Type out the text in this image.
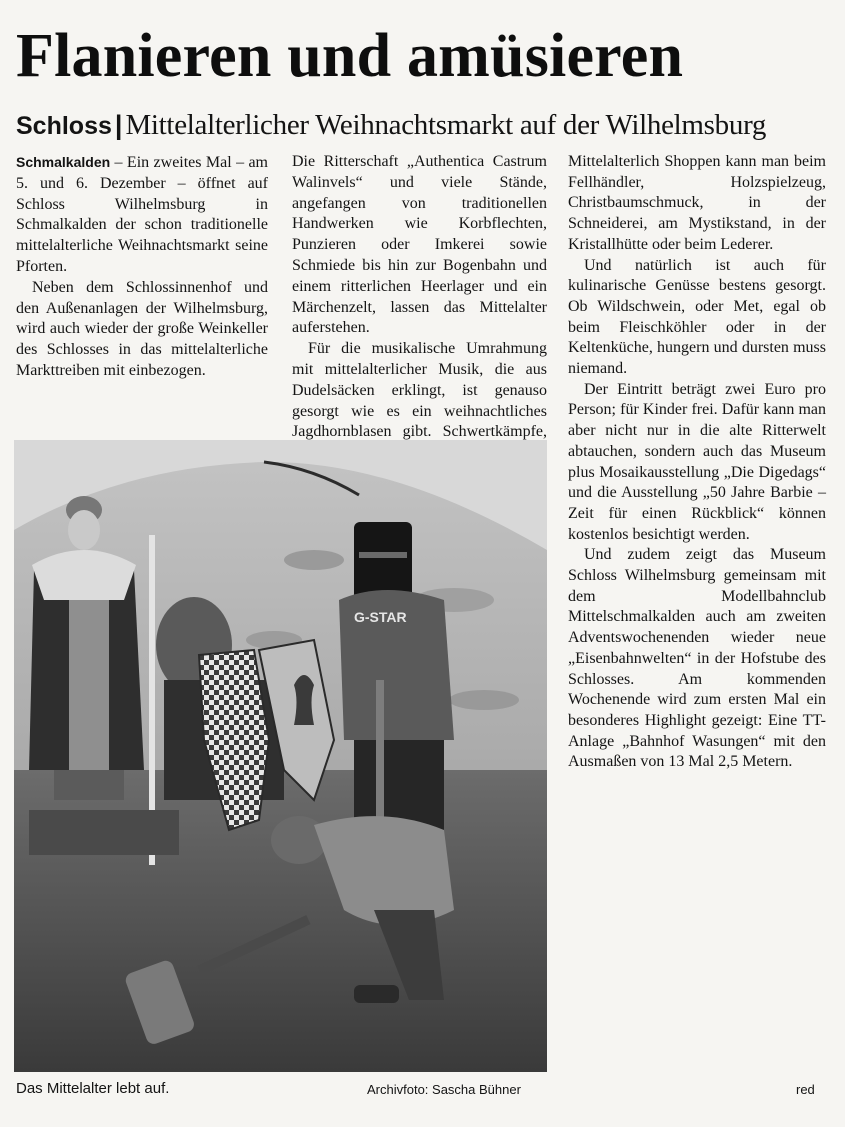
Flanieren und amüsieren
Schloss | Mittelalterlicher Weihnachtsmarkt auf der Wilhelmsburg

Schmalkalden – Ein zweites Mal – am 5. und 6. Dezember – öffnet auf Schloss Wilhelmsburg in Schmalkalden der schon traditionelle mittelalterliche Weihnachtsmarkt seine Pforten.

Neben dem Schlossinnenhof und den Außenanlagen der Wilhelmsburg, wird auch wieder der große Weinkeller des Schlosses in das mittelalterliche Markttreiben mit einbezogen.

Die Ritterschaft „Authentica Castrum Walinvels“ und viele Stände, angefangen von traditionellen Handwerken wie Korbflechten, Punzieren oder Imkerei sowie Schmiede bis hin zur Bogenbahn und einem ritterlichen Heerlager und ein Märchenzelt, lassen das Mittelalter auferstehen.

Für die musikalische Umrahmung mit mittelalterlicher Musik, die aus Dudelsäcken erklingt, ist genauso gesorgt wie es ein weihnachtliches Jagdhornblasen gibt. Schwertkämpfe,

Mittelalterlich Shoppen kann man beim Fellhändler, Holzspielzeug, Christbaumschmuck, in der Schneiderei, am Mystikstand, in der Kristallhütte oder beim Lederer.

Und natürlich ist auch für kulinarische Genüsse bestens gesorgt. Ob Wildschwein, oder Met, egal ob beim Fleischköhler oder in der Keltenküche, hungern und dursten muss niemand.

Der Eintritt beträgt zwei Euro pro Person; für Kinder frei. Dafür kann man aber nicht nur in die alte Ritterwelt abtauchen, sondern auch das Museum plus Mosaikausstellung „Die Digedags“ und die Ausstellung „50 Jahre Barbie – Zeit für einen Rückblick“ können kostenlos besichtigt werden.

Und zudem zeigt das Museum Schloss Wilhelmsburg gemeinsam mit dem Modellbahnclub Mittelschmalkalden auch am zweiten Adventswochenenden wieder neue „Eisenbahnwelten“ in der Hofstube des Schlosses. Am kommenden Wochenende wird zum ersten Mal ein besonderes Highlight gezeigt: Eine TT-Anlage „Bahnhof Wasungen“ mit den Ausmaßen von 13 Mal 2,5 Metern.

G-STAR
Das Mittelalter lebt auf.	Archivfoto: Sascha Bühner	red
